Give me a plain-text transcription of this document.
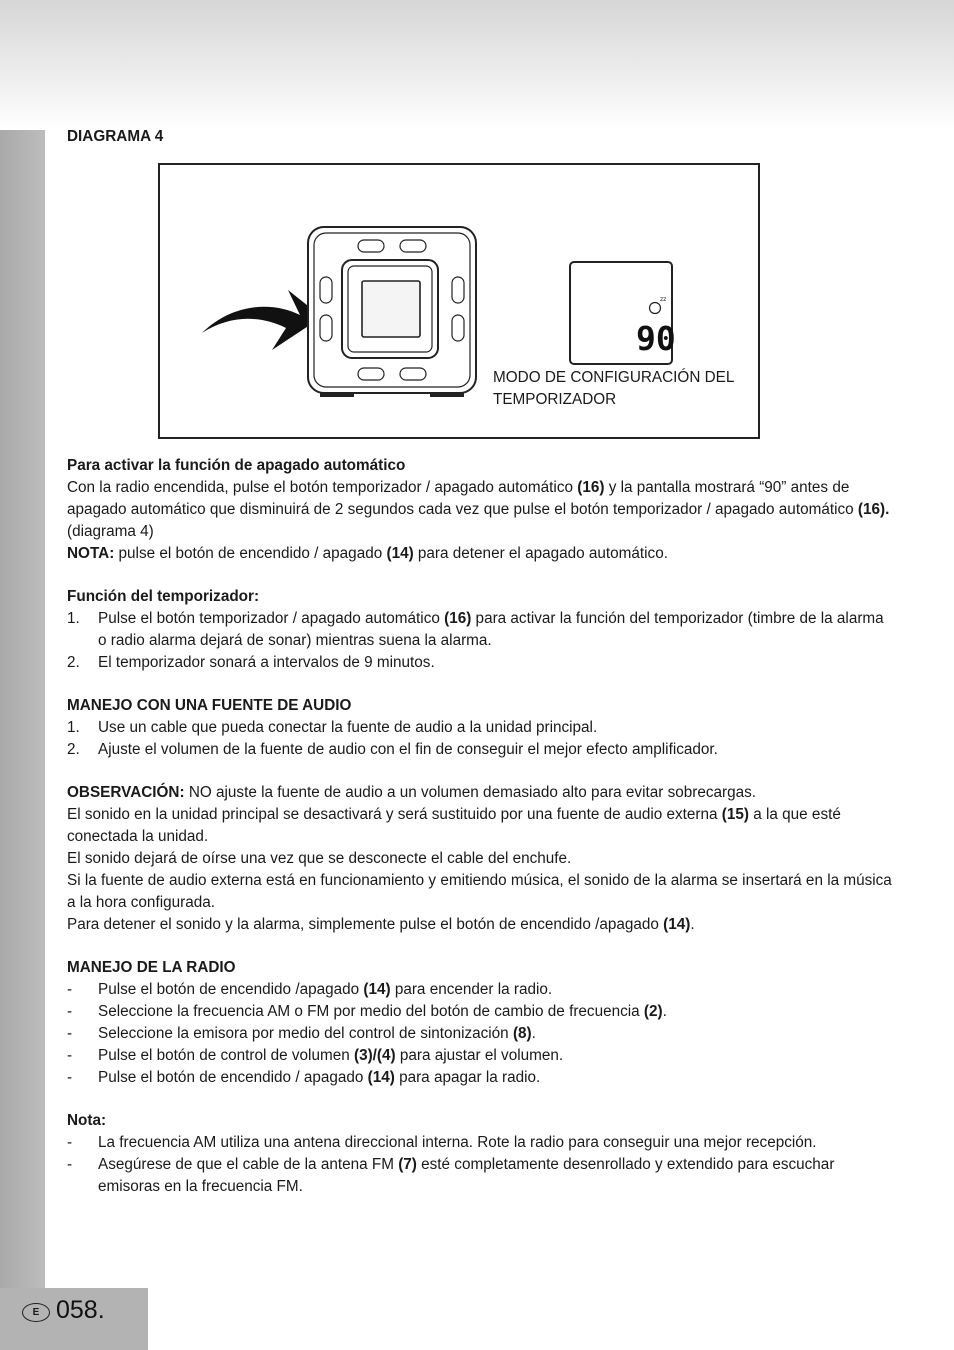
E 058.
DIAGRAMA 4
zz
90
MODO DE CONFIGURACIÓN DEL
TEMPORIZADOR
Para activar la función de apagado automático
Con la radio encendida, pulse el botón temporizador / apagado automático (16) y la pantalla mostrará “90” antes de apagado automático que disminuirá de 2 segundos cada vez que pulse el botón temporizador / apagado automático (16). (diagrama 4)
NOTA: pulse el botón de encendido / apagado (14) para detener el apagado automático.
Función del temporizador:
1. Pulse el botón temporizador / apagado automático (16) para activar la función del temporizador (timbre de la alarma o radio alarma dejará de sonar) mientras suena la alarma.
2. El temporizador sonará a intervalos de 9 minutos.
MANEJO CON UNA FUENTE DE AUDIO
1. Use un cable que pueda conectar la fuente de audio a la unidad principal.
2. Ajuste el volumen de la fuente de audio con el fin de conseguir el mejor efecto amplificador.
OBSERVACIÓN: NO ajuste la fuente de audio a un volumen demasiado alto para evitar sobrecargas.
El sonido en la unidad principal se desactivará y será sustituido por una fuente de audio externa (15) a la que esté conectada la unidad.
El sonido dejará de oírse una vez que se desconecte el cable del enchufe.
Si la fuente de audio externa está en funcionamiento y emitiendo música, el sonido de la alarma se insertará en la música a la hora configurada.
Para detener el sonido y la alarma, simplemente pulse el botón de encendido /apagado (14).
MANEJO DE LA RADIO
- Pulse el botón de encendido /apagado (14) para encender la radio.
- Seleccione la frecuencia AM o FM por medio del botón de cambio de frecuencia (2).
- Seleccione la emisora por medio del control de sintonización (8).
- Pulse el botón de control de volumen (3)/(4) para ajustar el volumen.
- Pulse el botón de encendido / apagado (14) para apagar la radio.
Nota:
- La frecuencia AM utiliza una antena direccional interna. Rote la radio para conseguir una mejor recepción.
- Asegúrese de que el cable de la antena FM (7) esté completamente desenrollado y extendido para escuchar emisoras en la frecuencia FM.
